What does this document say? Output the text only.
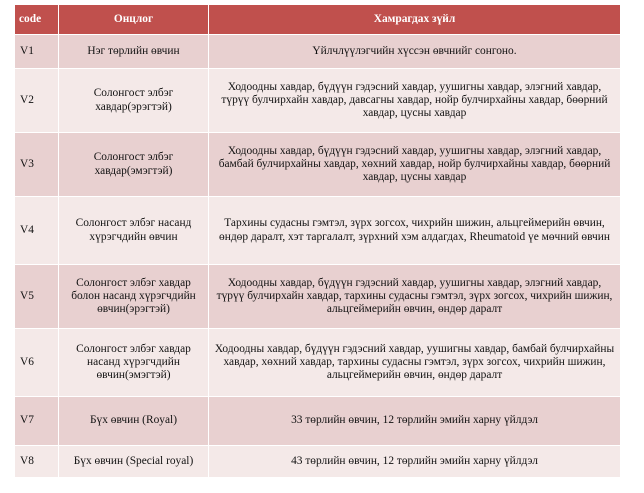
code	Онцлог	Хамрагдах зүйл
V1	Нэг төрлийн өвчин	Үйлчлүүлэгчийн хүссэн өвчнийг сонгоно.
V2	Солонгост элбэг хавдар(эрэгтэй)	Ходоодны хавдар, бүдүүн гэдэсний хавдар, уушигны хавдар, элэгний хавдар, түрүү булчирхайн хавдар, давсагны хавдар, нойр булчирхайны хавдар, бөөрний хавдар, цусны хавдар
V3	Солонгост элбэг хавдар(эмэгтэй)	Ходоодны хавдар, бүдүүн гэдэсний хавдар, уушигны хавдар, элэгний хавдар, бамбай булчирхайны хавдар, хөхний хавдар, нойр булчирхайны хавдар, бөөрний хавдар, цусны хавдар
V4	Солонгост элбэг насанд хүрэгчдийн өвчин	Тархины судасны гэмтэл, зүрх зогсох, чихрийн шижин, альцгеймерийн өвчин, өндөр даралт, хэт таргалалт, зүрхний хэм алдагдах, Rheumatoid үе мөчний өвчин
V5	Солонгост элбэг хавдар болон насанд хүрэгчдийн өвчин(эрэгтэй)	Ходоодны хавдар, бүдүүн гэдэсний хавдар, уушигны хавдар, элэгний хавдар, түрүү булчирхайн хавдар, тархины судасны гэмтэл, зүрх зогсох, чихрийн шижин, альцгеймерийн өвчин, өндөр даралт
V6	Солонгост элбэг хавдар насанд хүрэгчдийн өвчин(эмэгтэй)	Ходоодны хавдар, бүдүүн гэдэсний хавдар, уушигны хавдар, бамбай булчирхайны хавдар, хөхний хавдар, тархины судасны гэмтэл, зүрх зогсох, чихрийн шижин, альцгеймерийн өвчин, өндөр даралт
V7	Бүх өвчин (Royal)	33 төрлийн өвчин, 12 төрлийн эмийн харну үйлдэл
V8	Бүх өвчин (Special royal)	43 төрлийн өвчин, 12 төрлийн эмийн харну үйлдэл
